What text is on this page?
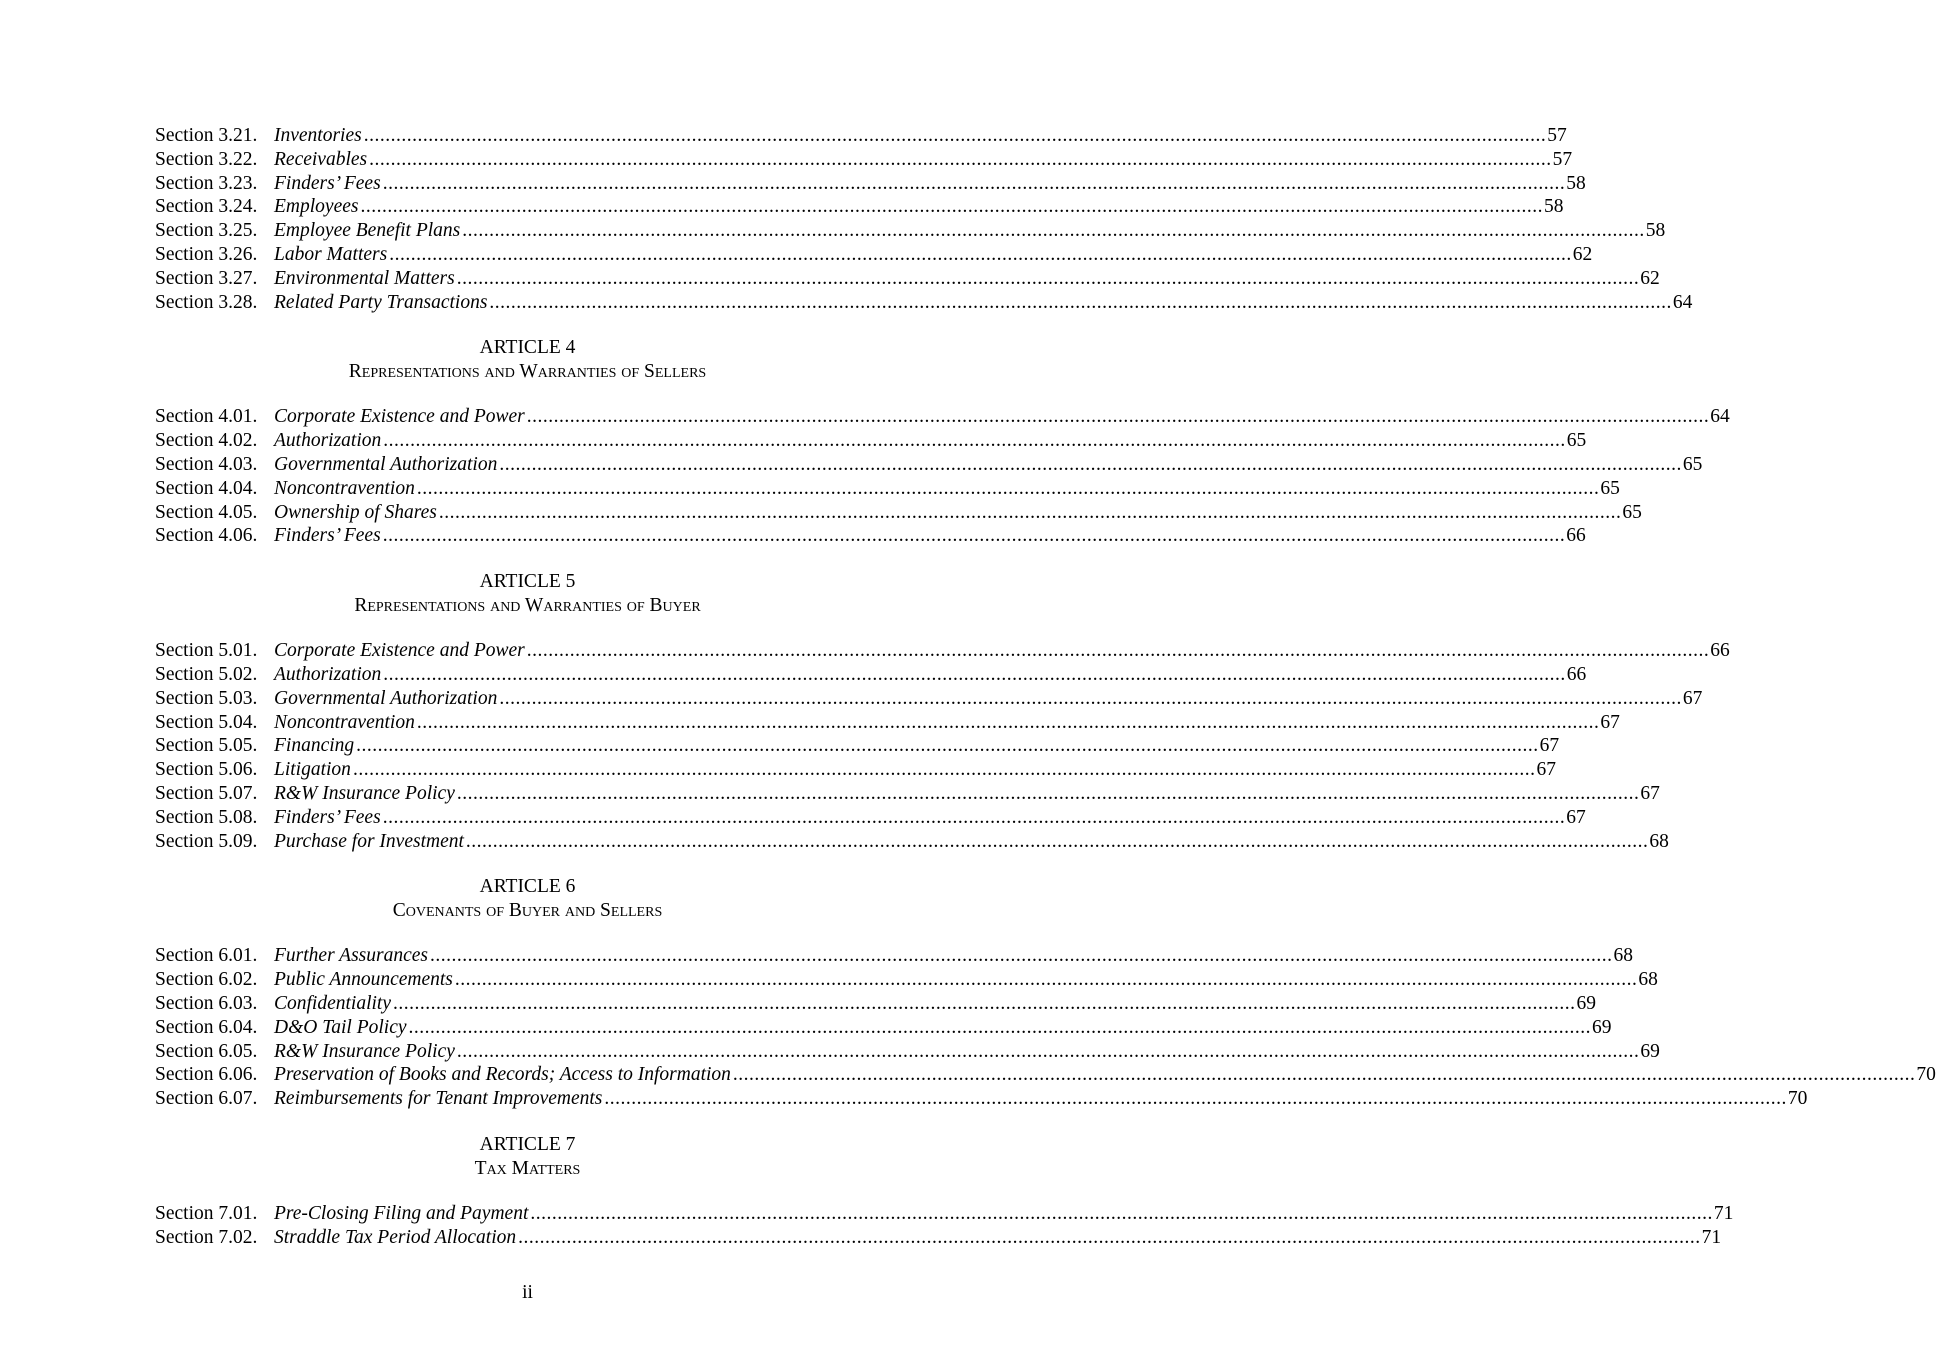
Section 3.21. Inventories ............................................................................................................................................................................................................................ 57
Section 3.22. Receivables ............................................................................................................................................................................................................................ 57
Section 3.23. Finders’ Fees ............................................................................................................................................................................................................................ 58
Section 3.24. Employees ............................................................................................................................................................................................................................ 58
Section 3.25. Employee Benefit Plans ............................................................................................................................................................................................................................ 58
Section 3.26. Labor Matters ............................................................................................................................................................................................................................ 62
Section 3.27. Environmental Matters ............................................................................................................................................................................................................................ 62
Section 3.28. Related Party Transactions ............................................................................................................................................................................................................................ 64
ARTICLE 4
Representations and Warranties of Sellers
Section 4.01. Corporate Existence and Power ............................................................................................................................................................................................................................ 64
Section 4.02. Authorization ............................................................................................................................................................................................................................ 65
Section 4.03. Governmental Authorization ............................................................................................................................................................................................................................ 65
Section 4.04. Noncontravention ............................................................................................................................................................................................................................ 65
Section 4.05. Ownership of Shares ............................................................................................................................................................................................................................ 65
Section 4.06. Finders’ Fees ............................................................................................................................................................................................................................ 66
ARTICLE 5
Representations and Warranties of Buyer
Section 5.01. Corporate Existence and Power ............................................................................................................................................................................................................................ 66
Section 5.02. Authorization ............................................................................................................................................................................................................................ 66
Section 5.03. Governmental Authorization ............................................................................................................................................................................................................................ 67
Section 5.04. Noncontravention ............................................................................................................................................................................................................................ 67
Section 5.05. Financing ............................................................................................................................................................................................................................ 67
Section 5.06. Litigation ............................................................................................................................................................................................................................ 67
Section 5.07. R&W Insurance Policy ............................................................................................................................................................................................................................ 67
Section 5.08. Finders’ Fees ............................................................................................................................................................................................................................ 67
Section 5.09. Purchase for Investment ............................................................................................................................................................................................................................ 68
ARTICLE 6
Covenants of Buyer and Sellers
Section 6.01. Further Assurances ............................................................................................................................................................................................................................ 68
Section 6.02. Public Announcements ............................................................................................................................................................................................................................ 68
Section 6.03. Confidentiality ............................................................................................................................................................................................................................ 69
Section 6.04. D&O Tail Policy ............................................................................................................................................................................................................................ 69
Section 6.05. R&W Insurance Policy ............................................................................................................................................................................................................................ 69
Section 6.06. Preservation of Books and Records; Access to Information ............................................................................................................................................................................................................................ 70
Section 6.07. Reimbursements for Tenant Improvements ............................................................................................................................................................................................................................ 70
ARTICLE 7
Tax Matters
Section 7.01. Pre-Closing Filing and Payment ............................................................................................................................................................................................................................ 71
Section 7.02. Straddle Tax Period Allocation ............................................................................................................................................................................................................................ 71
ii
